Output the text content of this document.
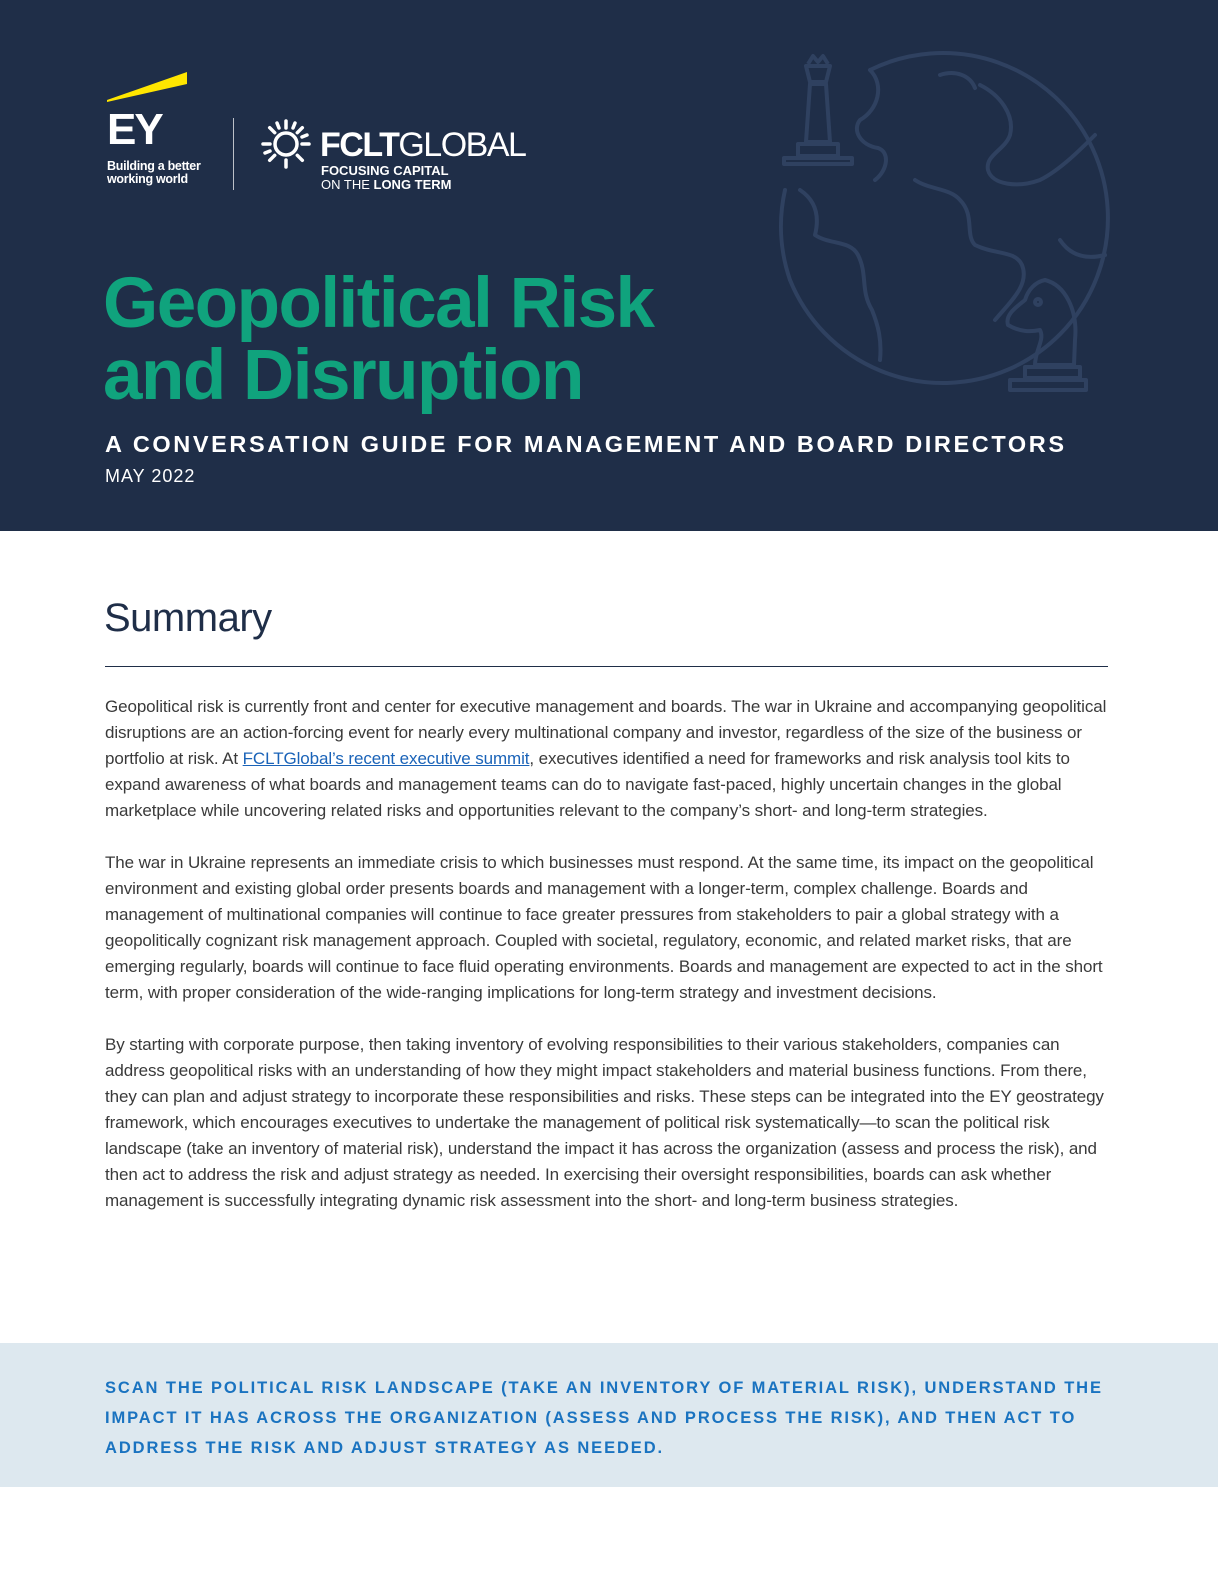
EY
Building a better
working world
FCLTGLOBAL
FOCUSING CAPITAL
ON THE LONG TERM
Geopolitical Risk
and Disruption
A CONVERSATION GUIDE FOR MANAGEMENT AND BOARD DIRECTORS
MAY 2022
Summary

Geopolitical risk is currently front and center for executive management and boards. The war in Ukraine and accompanying geopolitical disruptions are an action-forcing event for nearly every multinational company and investor, regardless of the size of the business or portfolio at risk. At FCLTGlobal’s recent executive summit, executives identified a need for frameworks and risk analysis tool kits to expand awareness of what boards and management teams can do to navigate fast-paced, highly uncertain changes in the global marketplace while uncovering related risks and opportunities relevant to the company’s short- and long-term strategies.

The war in Ukraine represents an immediate crisis to which businesses must respond. At the same time, its impact on the geopolitical environment and existing global order presents boards and management with a longer-term, complex challenge. Boards and management of multinational companies will continue to face greater pressures from stakeholders to pair a global strategy with a geopolitically cognizant risk management approach. Coupled with societal, regulatory, economic, and related market risks, that are emerging regularly, boards will continue to face fluid operating environments. Boards and management are expected to act in the short term, with proper consideration of the wide-ranging implications for long-term strategy and investment decisions.

By starting with corporate purpose, then taking inventory of evolving responsibilities to their various stakeholders, companies can address geopolitical risks with an understanding of how they might impact stakeholders and material business functions. From there, they can plan and adjust strategy to incorporate these responsibilities and risks. These steps can be integrated into the EY geostrategy framework, which encourages executives to undertake the management of political risk systematically—to scan the political risk landscape (take an inventory of material risk), understand the impact it has across the organization (assess and process the risk), and then act to address the risk and adjust strategy as needed. In exercising their oversight responsibilities, boards can ask whether management is successfully integrating dynamic risk assessment into the short- and long-term business strategies.

SCAN THE POLITICAL RISK LANDSCAPE (TAKE AN INVENTORY OF MATERIAL RISK), UNDERSTAND THE IMPACT IT HAS ACROSS THE ORGANIZATION (ASSESS AND PROCESS THE RISK), AND THEN ACT TO ADDRESS THE RISK AND ADJUST STRATEGY AS NEEDED.
